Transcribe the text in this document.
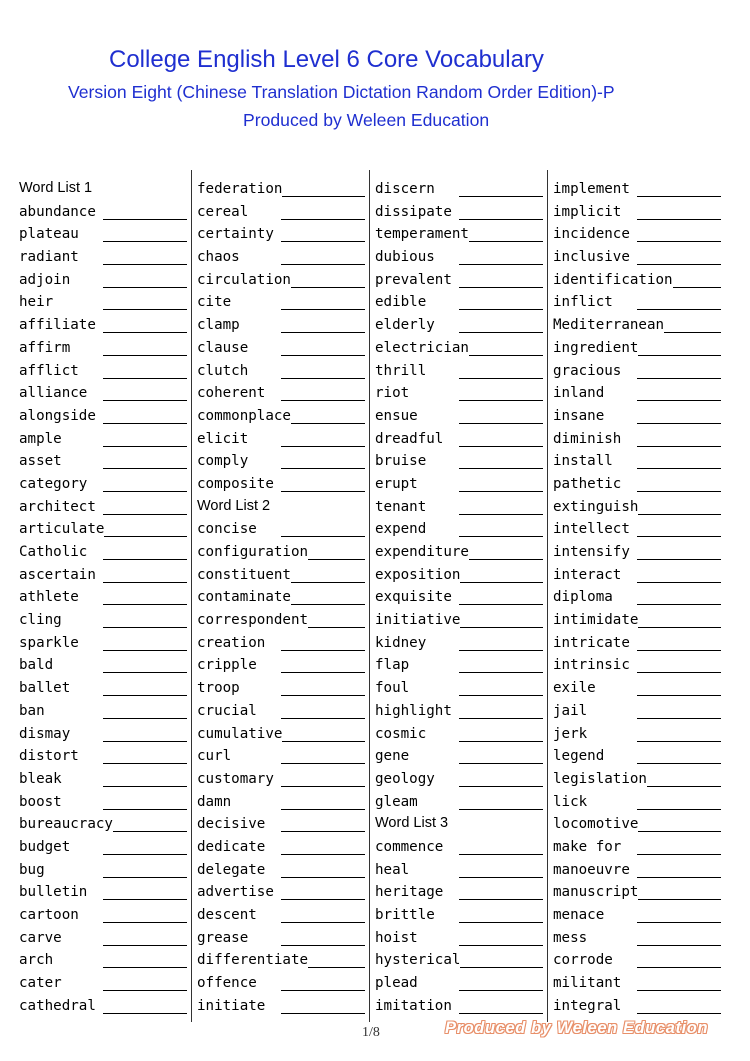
College English Level 6 Core Vocabulary
Version Eight (Chinese Translation Dictation Random Order Edition)-P
Produced by Weleen Education
Word List 1
abundance
plateau
radiant
adjoin
heir
affiliate
affirm
afflict
alliance
alongside
ample
asset
category
architect
articulate
Catholic
ascertain
athlete
cling
sparkle
bald
ballet
ban
dismay
distort
bleak
boost
bureaucracy
budget
bug
bulletin
cartoon
carve
arch
cater
cathedral
federation
cereal
certainty
chaos
circulation
cite
clamp
clause
clutch
coherent
commonplace
elicit
comply
composite
Word List 2
concise
configuration
constituent
contaminate
correspondent
creation
cripple
troop
crucial
cumulative
curl
customary
damn
decisive
dedicate
delegate
advertise
descent
grease
differentiate
offence
initiate
discern
dissipate
temperament
dubious
prevalent
edible
elderly
electrician
thrill
riot
ensue
dreadful
bruise
erupt
tenant
expend
expenditure
exposition
exquisite
initiative
kidney
flap
foul
highlight
cosmic
gene
geology
gleam
Word List 3
commence
heal
heritage
brittle
hoist
hysterical
plead
imitation
implement
implicit
incidence
inclusive
identification
inflict
Mediterranean
ingredient
gracious
inland
insane
diminish
install
pathetic
extinguish
intellect
intensify
interact
diploma
intimidate
intricate
intrinsic
exile
jail
jerk
legend
legislation
lick
locomotive
make for
manoeuvre
manuscript
menace
mess
corrode
militant
integral
1/8	Produced by Weleen Education
